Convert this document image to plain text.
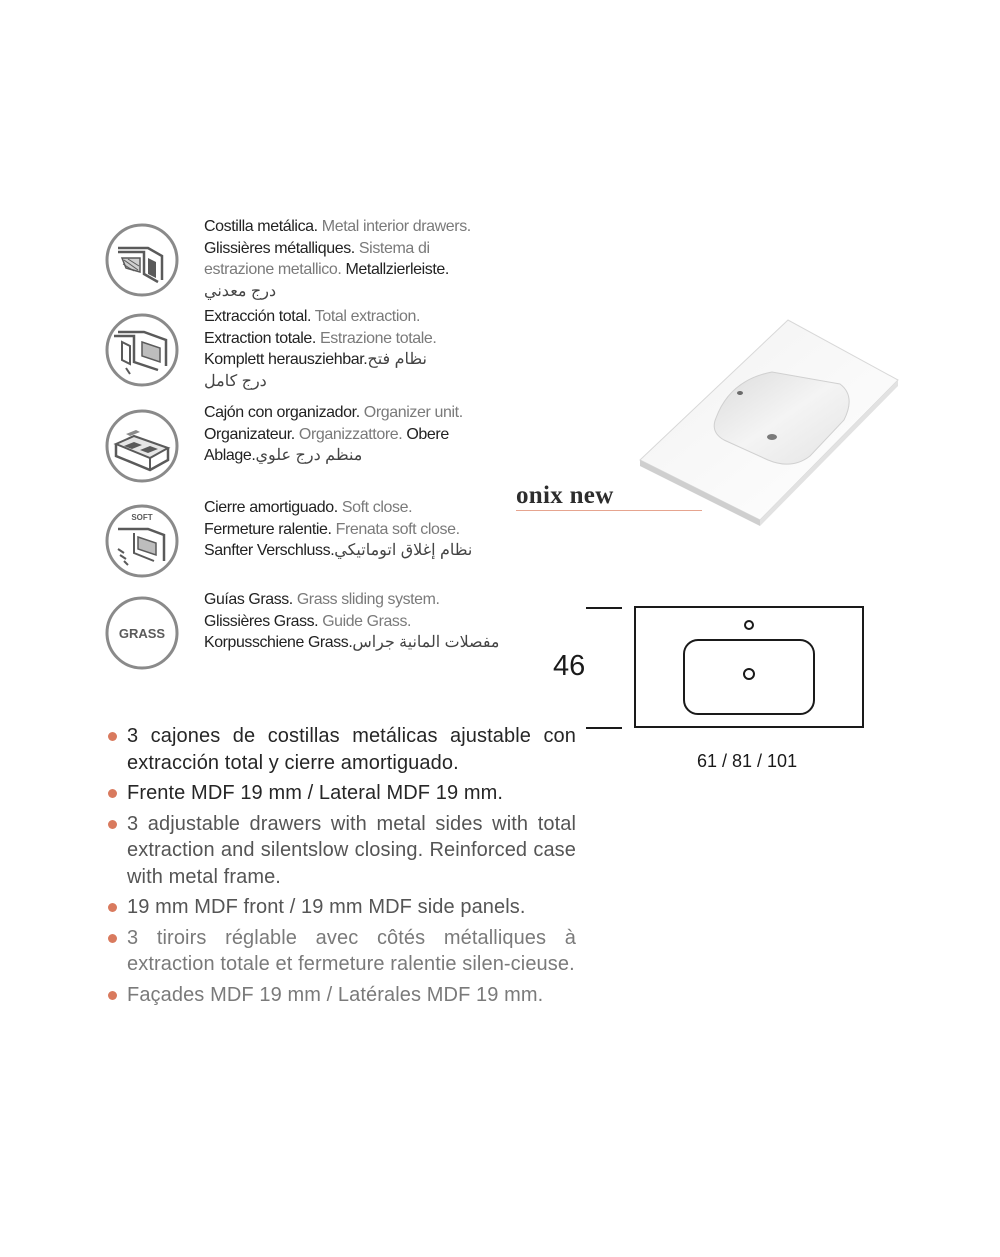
Costilla metálica. Metal interior drawers.
Glissières métalliques. Sistema di
estrazione metallico. Metallzierleiste.
درج معدني
Extracción total. Total extraction.
Extraction totale. Estrazione totale.
Komplett herausziehbar. نظام فتح
درج كامل
Cajón con organizador. Organizer unit.
Organizateur. Organizzattore. Obere
Ablage. منظم درج علوي
SOFT
Cierre amortiguado. Soft close.
Fermeture ralentie. Frenata soft close.
Sanfter Verschluss. نظام إغلاق اتوماتيكي
GRASS
Guías Grass. Grass sliding system.
Glissières Grass. Guide Grass.
Korpusschiene Grass. مفصلات المانية جراس
3 cajones de costillas metálicas ajustable con extracción total y cierre amortiguado.
Frente MDF 19 mm / Lateral MDF 19 mm.
3 adjustable drawers with metal sides with total extraction and silentslow closing. Reinforced case with metal frame.
19 mm MDF front / 19 mm MDF side panels.
3 tiroirs réglable avec côtés métalliques à extraction totale et fermeture ralentie silen-cieuse.
Façades MDF 19 mm / Latérales MDF 19 mm.
onix new
46
61 / 81 / 101
